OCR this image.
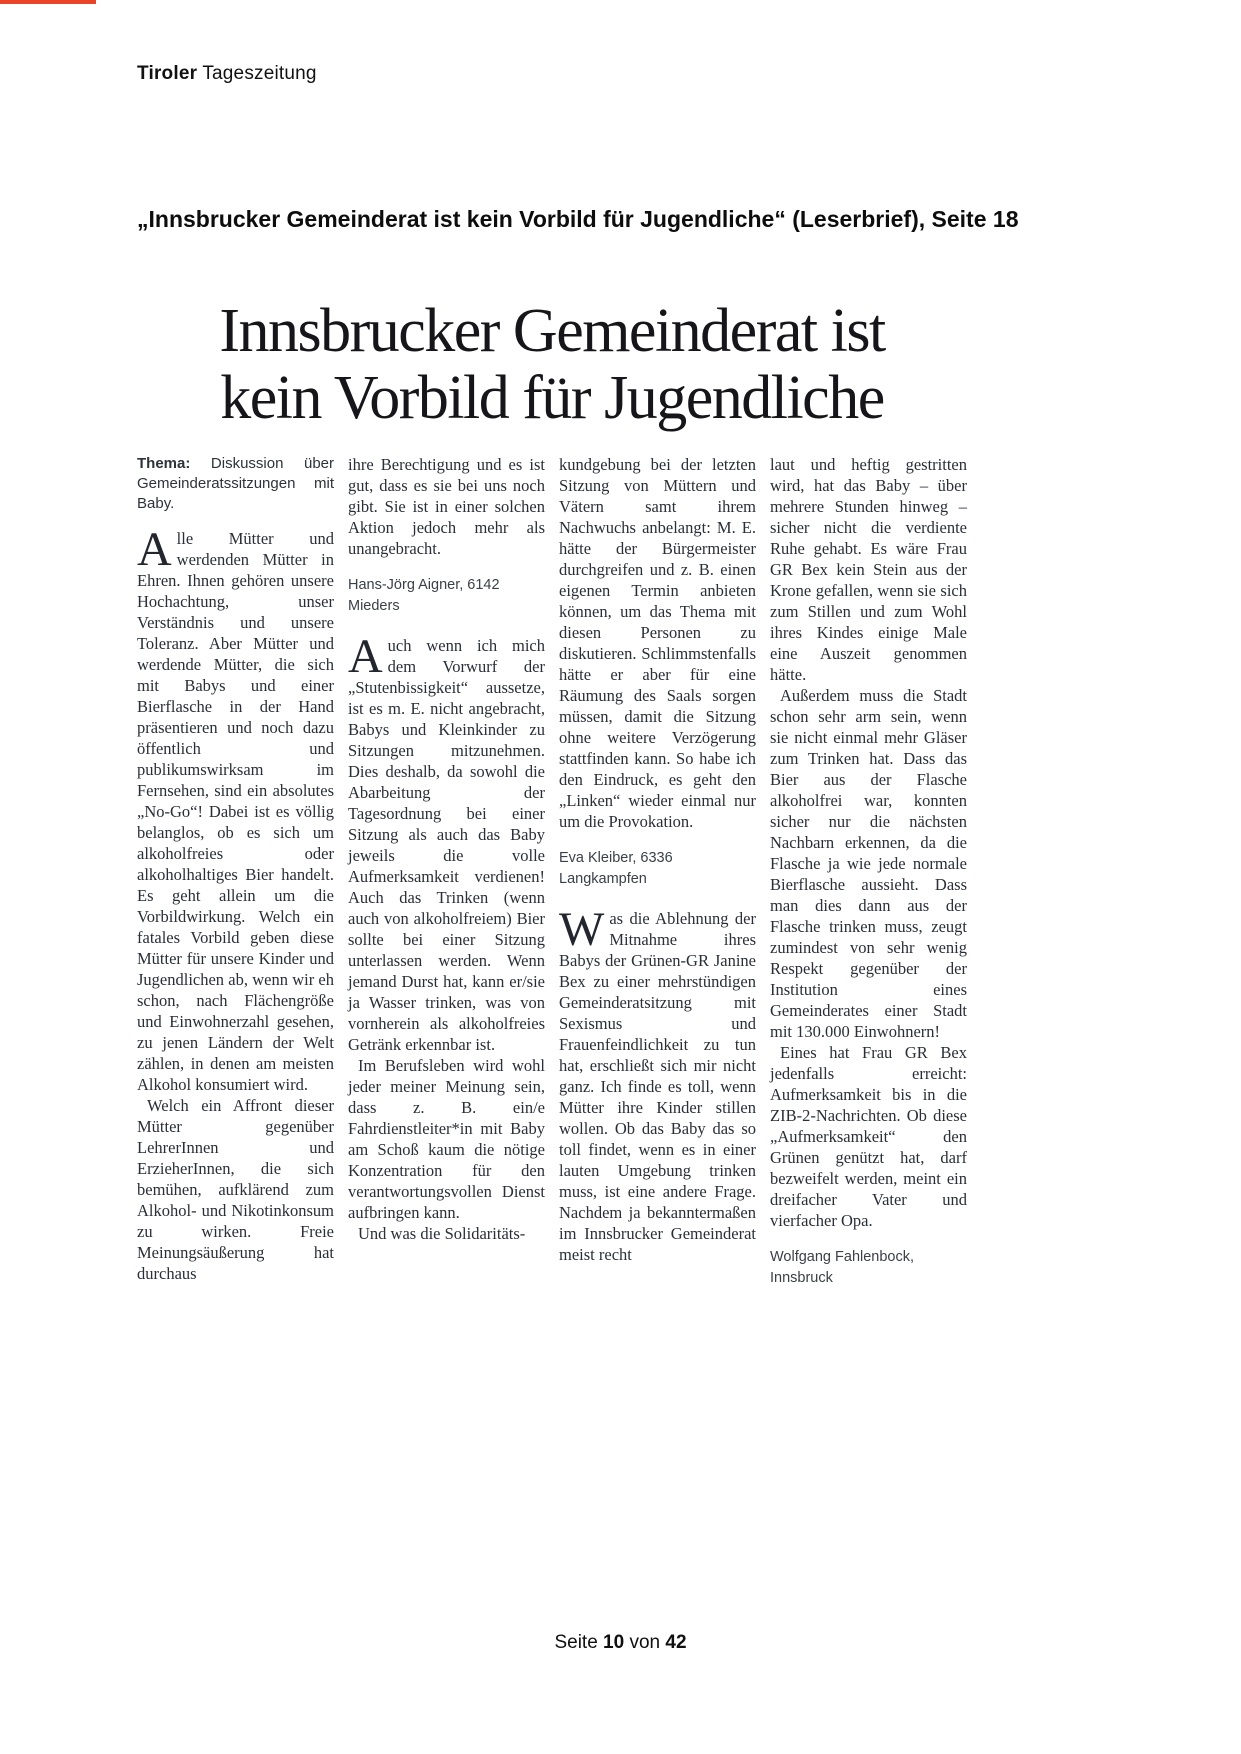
Tiroler Tageszeitung
„Innsbrucker Gemeinderat ist kein Vorbild für Jugendliche“ (Leserbrief), Seite 18
Innsbrucker Gemeinderat ist
kein Vorbild für Jugendliche

Thema: Diskussion über Gemeinderatssitzungen mit Baby.

Alle Mütter und werdenden Mütter in Ehren. Ihnen gehören unsere Hochachtung, unser Verständnis und unsere Toleranz. Aber Mütter und werdende Mütter, die sich mit Babys und einer Bierflasche in der Hand präsentieren und noch dazu öffentlich und publikumswirksam im Fernsehen, sind ein absolutes „No-Go“! Dabei ist es völlig belanglos, ob es sich um alkoholfreies oder alkoholhaltiges Bier handelt. Es geht allein um die Vorbildwirkung. Welch ein fatales Vorbild geben diese Mütter für unsere Kinder und Jugendlichen ab, wenn wir eh schon, nach Flächengröße und Einwohnerzahl gesehen, zu jenen Ländern der Welt zählen, in denen am meisten Alkohol konsumiert wird.

Welch ein Affront dieser Mütter gegenüber LehrerInnen und ErzieherInnen, die sich bemühen, aufklärend zum Alkohol- und Nikotinkonsum zu wirken. Freie Meinungsäußerung hat durchaus

ihre Berechtigung und es ist gut, dass es sie bei uns noch gibt. Sie ist in einer solchen Aktion jedoch mehr als unangebracht.

Hans-Jörg Aigner, 6142 Mieders

Auch wenn ich mich dem Vorwurf der „Stutenbissigkeit“ aussetze, ist es m. E. nicht angebracht, Babys und Kleinkinder zu Sitzungen mitzunehmen. Dies deshalb, da sowohl die Abarbeitung der Tagesordnung bei einer Sitzung als auch das Baby jeweils die volle Aufmerksamkeit verdienen! Auch das Trinken (wenn auch von alkoholfreiem) Bier sollte bei einer Sitzung unterlassen werden. Wenn jemand Durst hat, kann er/sie ja Wasser trinken, was von vornherein als alkoholfreies Getränk erkennbar ist.

Im Berufsleben wird wohl jeder meiner Meinung sein, dass z. B. ein/e Fahrdienstleiter*in mit Baby am Schoß kaum die nötige Konzentration für den verantwortungsvollen Dienst aufbringen kann.

Und was die Solidaritäts-

kundgebung bei der letzten Sitzung von Müttern und Vätern samt ihrem Nachwuchs anbelangt: M. E. hätte der Bürgermeister durchgreifen und z. B. einen eigenen Termin anbieten können, um das Thema mit diesen Personen zu diskutieren. Schlimmstenfalls hätte er aber für eine Räumung des Saals sorgen müssen, damit die Sitzung ohne weitere Verzögerung stattfinden kann. So habe ich den Eindruck, es geht den „Linken“ wieder einmal nur um die Provokation.

Eva Kleiber, 6336 Langkampfen

Was die Ablehnung der Mitnahme ihres Babys der Grünen-GR Janine Bex zu einer mehrstündigen Gemeinderatsitzung mit Sexismus und Frauenfeindlichkeit zu tun hat, erschließt sich mir nicht ganz. Ich finde es toll, wenn Mütter ihre Kinder stillen wollen. Ob das Baby das so toll findet, wenn es in einer lauten Umgebung trinken muss, ist eine andere Frage. Nachdem ja bekanntermaßen im Innsbrucker Gemeinderat meist recht

laut und heftig gestritten wird, hat das Baby – über mehrere Stunden hinweg – sicher nicht die verdiente Ruhe gehabt. Es wäre Frau GR Bex kein Stein aus der Krone gefallen, wenn sie sich zum Stillen und zum Wohl ihres Kindes einige Male eine Auszeit genommen hätte.

Außerdem muss die Stadt schon sehr arm sein, wenn sie nicht einmal mehr Gläser zum Trinken hat. Dass das Bier aus der Flasche alkoholfrei war, konnten sicher nur die nächsten Nachbarn erkennen, da die Flasche ja wie jede normale Bierflasche aussieht. Dass man dies dann aus der Flasche trinken muss, zeugt zumindest von sehr wenig Respekt gegenüber der Institution eines Gemeinderates einer Stadt mit 130.000 Einwohnern!

Eines hat Frau GR Bex jedenfalls erreicht: Aufmerksamkeit bis in die ZIB-2-Nachrichten. Ob diese „Aufmerksamkeit“ den Grünen genützt hat, darf bezweifelt werden, meint ein dreifacher Vater und vierfacher Opa.

Wolfgang Fahlenbock, Innsbruck

Seite 10 von 42
